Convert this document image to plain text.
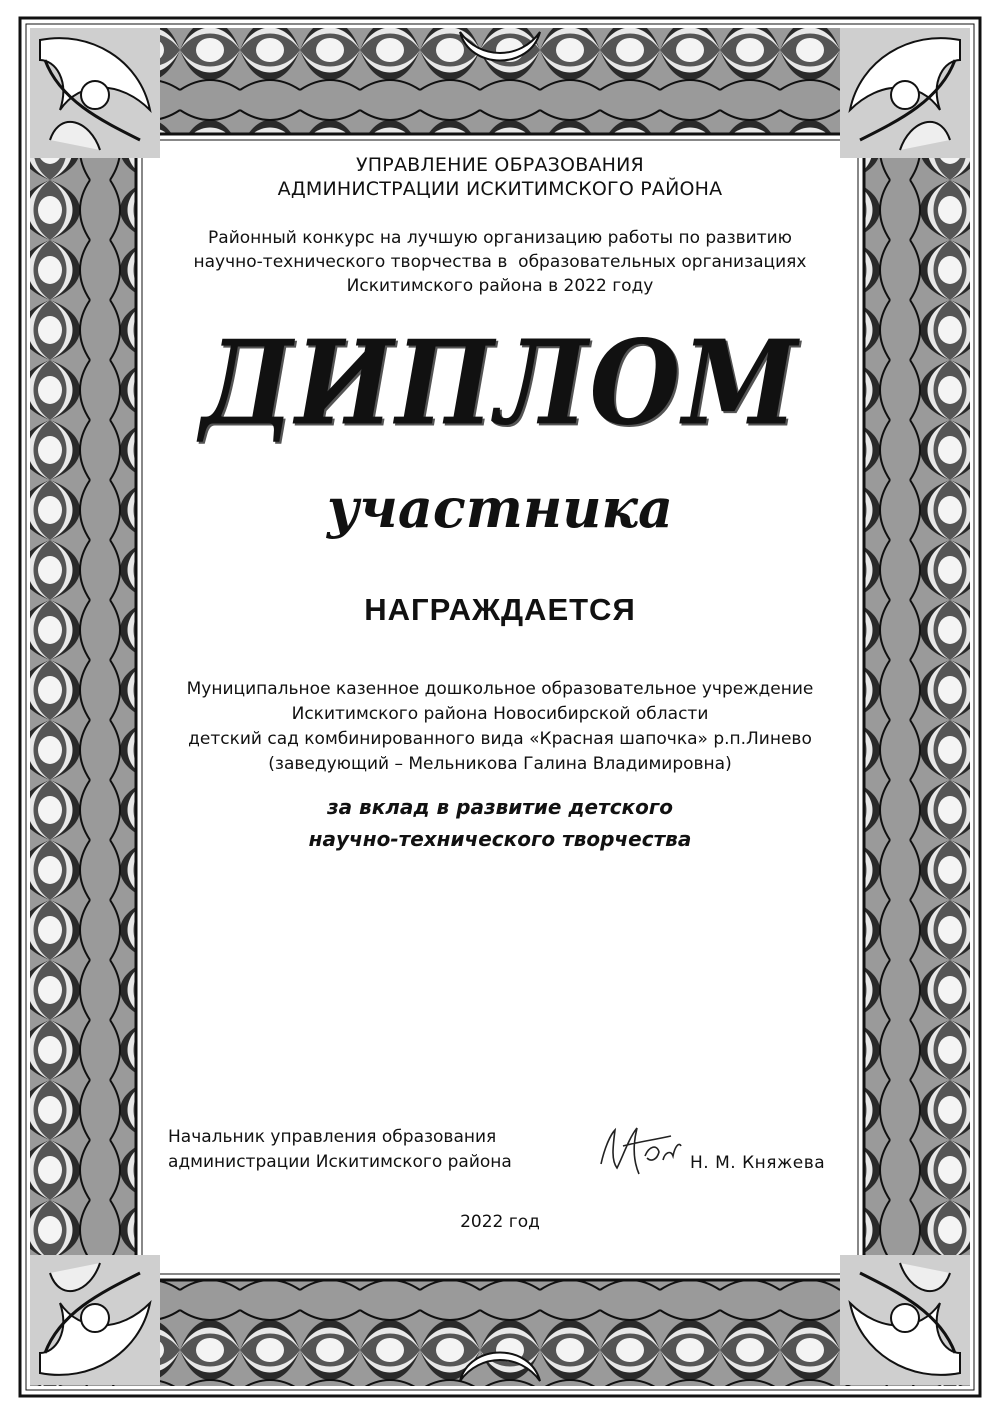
УПРАВЛЕНИЕ ОБРАЗОВАНИЯ
АДМИНИСТРАЦИИ ИСКИТИМСКОГО РАЙОНА
Районный конкурс на лучшую организацию работы по развитию
научно-технического творчества в  образовательных организациях
Искитимского района в 2022 году
ДИПЛОМ
участника
НАГРАЖДАЕТСЯ
Муниципальное казенное дошкольное образовательное учреждение
Искитимского района Новосибирской области
детский сад комбинированного вида «Красная шапочка» р.п.Линево
(заведующий – Мельникова Галина Владимировна)
за вклад в развитие детского
научно-технического творчества
Начальник управления образования
администрации Искитимского района	Н. М. Княжева
2022 год
